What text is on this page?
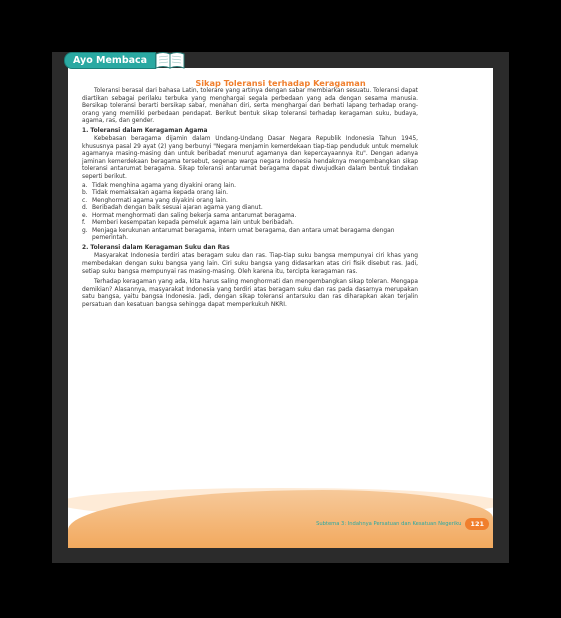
Ayo Membaca
Sikap Toleransi terhadap Keragaman

Toleransi berasal dari bahasa Latin, tolerare yang artinya dengan sabar membiarkan sesuatu. Toleransi dapat diartikan sebagai perilaku terbuka yang menghargai segala perbedaan yang ada dengan sesama manusia. Bersikap toleransi berarti bersikap sabar, menahan diri, serta menghargai dan berhati lapang terhadap orang-orang yang memiliki perbedaan pendapat. Berikut bentuk sikap toleransi terhadap keragaman suku, budaya, agama, ras, dan gender.

1. Toleransi dalam Keragaman Agama

Kebebasan beragama dijamin dalam Undang-Undang Dasar Negara Republik Indonesia Tahun 1945, khususnya pasal 29 ayat (2) yang berbunyi "Negara menjamin kemerdekaan tiap-tiap penduduk untuk memeluk agamanya masing-masing dan untuk beribadat menurut agamanya dan kepercayaannya itu". Dengan adanya jaminan kemerdekaan beragama tersebut, segenap warga negara Indonesia hendaknya mengembangkan sikap toleransi antarumat beragama. Sikap toleransi antarumat beragama dapat diwujudkan dalam bentuk tindakan seperti berikut.

a. Tidak menghina agama yang diyakini orang lain.
b. Tidak memaksakan agama kepada orang lain.
c. Menghormati agama yang diyakini orang lain.
d. Beribadah dengan baik sesuai ajaran agama yang dianut.
e. Hormat menghormati dan saling bekerja sama antarumat beragama.
f.	Memberi kesempatan kepada pemeluk agama lain untuk beribadah.
g. Menjaga kerukunan antarumat beragama, intern umat beragama, dan antara umat beragama dengan pemerintah.
2. Toleransi dalam Keragaman Suku dan Ras

Masyarakat Indonesia terdiri atas beragam suku dan ras. Tiap-tiap suku bangsa mempunyai ciri khas yang membedakan dengan suku bangsa yang lain. Ciri suku bangsa yang didasarkan atas ciri fisik disebut ras. Jadi, setiap suku bangsa mempunyai ras masing-masing. Oleh karena itu, tercipta keragaman ras.

Terhadap keragaman yang ada, kita harus saling menghormati dan mengembangkan sikap toleran. Mengapa demikian? Alasannya, masyarakat Indonesia yang terdiri atas beragam suku dan ras pada dasarnya merupakan satu bangsa, yaitu bangsa Indonesia. Jadi, dengan sikap toleransi antarsuku dan ras diharapkan akan terjalin persatuan dan kesatuan bangsa sehingga dapat memperkukuh NKRI.

Subtema 3: Indahnya Persatuan dan Kesatuan Negeriku	121
